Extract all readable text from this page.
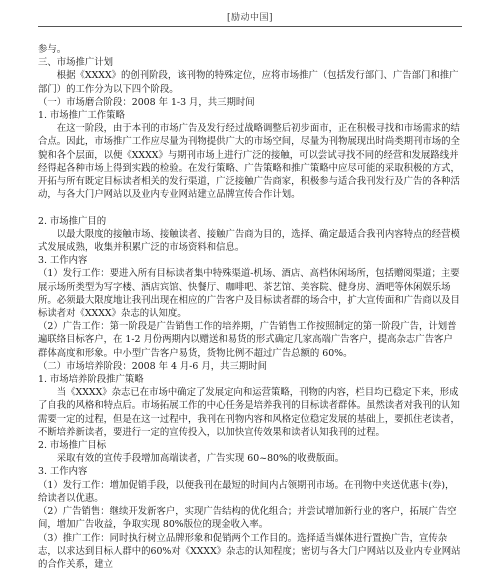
[励动中国]

参与。

三、市场推广计划

根据《XXXX》的创刊阶段，该刊物的特殊定位，应将市场推广（包括发行部门、广告部门和推广部门）的工作分为以下四个阶段。

（一）市场磨合阶段：2008 年 1-3 月，共三期时间

1. 市场推广工作策略

在这一阶段，由于本刊的市场广告及发行经过战略调整后初步面市，正在积极寻找和市场需求的结合点。因此，市场推广工作应尽量为刊物提供广大的市场空间，尽量为刊物展现出时尚类期刊市场的全貌和各个层面，以便《XXXX》与期刊市场上进行广泛的接触，可以尝试寻找不同的经营和发展路线并经得起各种市场上得到实践的检验。在发行策略、广告策略和推广策略中应尽可能的采取积极的方式，开拓与所有既定目标读者相关的发行渠道，广泛接触广告商家，积极参与适合我刊发行及广告的各种活动，与各大门户网站以及业内专业网站建立品牌宣传合作计划。

2. 市场推广目的

以最大限度的接触市场、接触读者、接触广告商为目的，选择、确定最适合我刊内容特点的经营模式发展成熟，收集并积累广泛的市场资料和信息。

3. 工作内容

（1）发行工作：要进入所有目标读者集中特殊渠道-机场、酒店、高档休闲场所，包括赠阅渠道；主要展示场所类型为写字楼、酒店宾馆、快餐厅、咖啡吧、茶艺馆、美容院、健身房、酒吧等休闲娱乐场所。必须最大限度地让我刊出现在相应的广告客户及目标读者群的场合中，扩大宣传面和广告商以及目标读者对《XXXX》杂志的认知度。

（2）广告工作：第一阶段是广告销售工作的培养期，广告销售工作按照制定的第一阶段广告，计划普遍联络目标客户，在 1-2 月份两期内以赠送和易货的形式确定几家高端广告客户，提高杂志广告客户群体高度和形象。中小型广告客户易货，货物比例不超过广告总额的 60%。

（二）市场培养阶段：2008 年 4 月-6 月，共三期时间

1. 市场培养阶段推广策略

当《XXXX》杂志已在市场中确定了发展定向和运营策略，刊物的内容，栏目均已稳定下来，形成了自我的风格和特点后。市场拓展工作的中心任务是培养我刊的目标读者群体。虽然读者对我刊的认知需要一定的过程，但是在这一过程中，我刊在刊物内容和风格定位稳定发展的基础上，要抓住老读者，不断培养新读者，要进行一定的宣传投入，以加快宣传效果和读者认知我刊的过程。

2. 市场推广目标

采取有效的宣传手段增加高端读者，广告实现 60~80%的收费版面。

3. 工作内容

（1）发行工作：增加促销手段，以便我刊在最短的时间内占领期刊市场。在刊物中夹送优惠卡(券)，给读者以优惠。

（2）广告销售：继续开发新客户，实现广告结构的优化组合；并尝试增加新行业的客户，拓展广告空间，增加广告收益，争取实现 80%版位的现金收入率。

（3）推广工作：同时执行树立品牌形象和促销两个工作目的。选择适当媒体进行置换广告，宣传杂志，以求达到目标人群中的60%对《XXXX》杂志的认知程度；密切与各大门户网站以及业内专业网站的合作关系，建立
